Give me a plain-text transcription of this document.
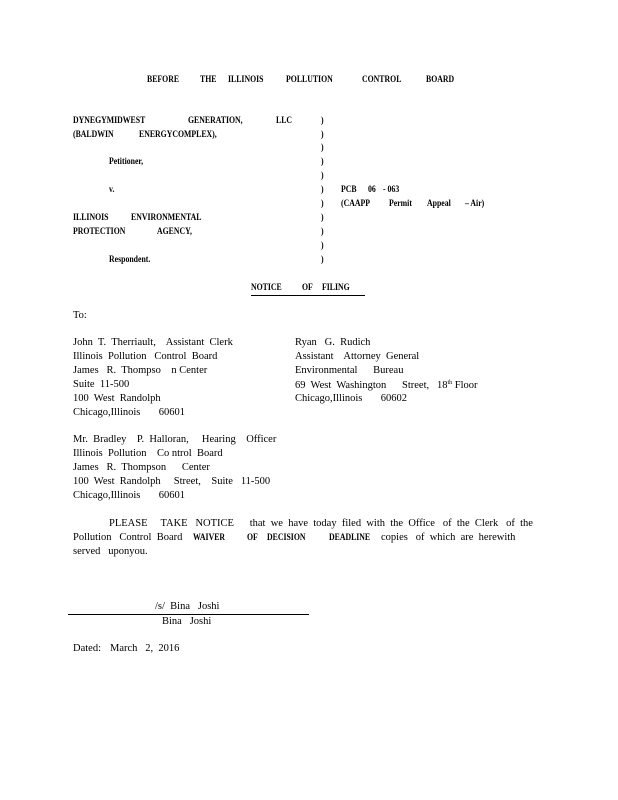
BEFORE THE ILLINOIS POLLUTION	CONTROL	BOARD
DYNEGYMIDWEST	GENERATION,	LLC
(BALDWIN	ENERGYCOMPLEX),
Petitioner,
v.
ILLINOIS ENVIRONMENTAL
PROTECTION	AGENCY,
Respondent.
)
)
)
)
)
)
)
)
)
)
)
PCB 06 - 063
(CAAPP Permit Appeal – Air)
NOTICE OF FILING
To:
John  T.  Therriault,    Assistant  Clerk
Illinois  Pollution   Control  Board
James   R.  Thompso    n Center
Suite  11-500
100  West  Randolph
Chicago,Illinois       60601
Ryan   G.  Rudich
Assistant    Attorney  General
Environmental      Bureau
69  West  Washington      Street,   18th Floor
Chicago,Illinois       60602
Mr.  Bradley    P.  Halloran,     Hearing    Officer
Illinois  Pollution    Co ntrol  Board
James   R.  Thompson      Center
100  West  Randolph     Street,    Suite   11-500
Chicago,Illinois       60601
PLEASE     TAKE   NOTICE      that  we  have  today  filed  with  the  Office   of  the  Clerk   of  the
Pollution   Control  Board WAIVER OF DECISION DEADLINE copies   of  which  are  herewith
served   uponyou.
/s/  Bina   Joshi
Bina   Joshi
Dated: March   2,  2016
